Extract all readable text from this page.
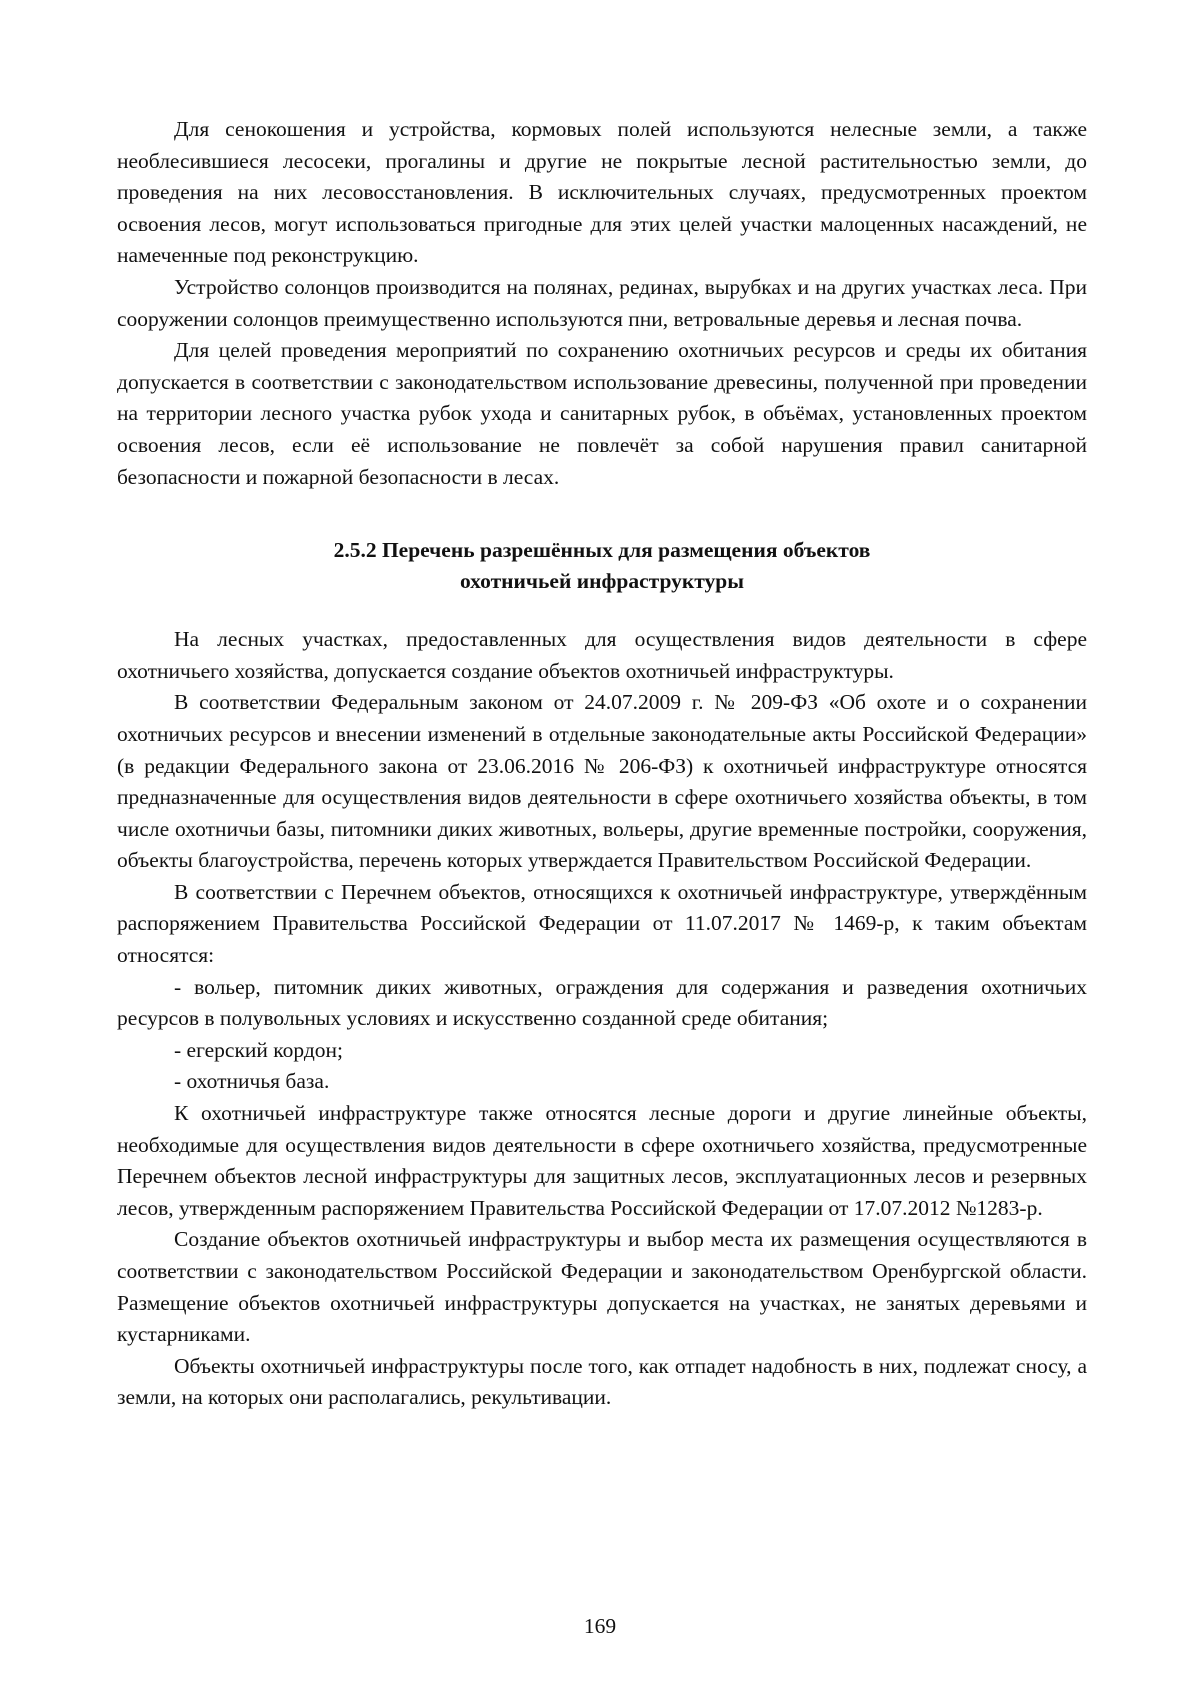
Для сенокошения и устройства, кормовых полей используются нелесные земли, а также необлесившиеся лесосеки, прогалины и другие не покрытые лесной растительностью земли, до проведения на них лесовосстановления. В исключительных случаях, предусмотренных проектом освоения лесов, могут использоваться пригодные для этих целей участки малоценных насаждений, не намеченные под реконструкцию.

Устройство солонцов производится на полянах, рединах, вырубках и на других участках леса. При сооружении солонцов преимущественно используются пни, ветровальные деревья и лесная почва.

Для целей проведения мероприятий по сохранению охотничьих ресурсов и среды их обитания допускается в соответствии с законодательством использование древесины, полученной при проведении на территории лесного участка рубок ухода и санитарных рубок, в объёмах, установленных проектом освоения лесов, если её использование не повлечёт за собой нарушения правил санитарной безопасности и пожарной безопасности в лесах.

2.5.2 Перечень разрешённых для размещения объектов
охотничьей инфраструктуры

На лесных участках, предоставленных для осуществления видов деятельности в сфере охотничьего хозяйства, допускается создание объектов охотничьей инфраструктуры.

В соответствии Федеральным законом от 24.07.2009 г. № 209-ФЗ «Об охоте и о сохранении охотничьих ресурсов и внесении изменений в отдельные законодательные акты Российской Федерации» (в редакции Федерального закона от 23.06.2016 № 206-ФЗ) к охотничьей инфраструктуре относятся предназначенные для осуществления видов деятельности в сфере охотничьего хозяйства объекты, в том числе охотничьи базы, питомники диких животных, вольеры, другие временные постройки, сооружения, объекты благоустройства, перечень которых утверждается Правительством Российской Федерации.

В соответствии с Перечнем объектов, относящихся к охотничьей инфраструктуре, утверждённым распоряжением Правительства Российской Федерации от 11.07.2017 № 1469-р, к таким объектам относятся:

- вольер, питомник диких животных, ограждения для содержания и разведения охотничьих ресурсов в полувольных условиях и искусственно созданной среде обитания;

- егерский кордон;

- охотничья база.

К охотничьей инфраструктуре также относятся лесные дороги и другие линейные объекты, необходимые для осуществления видов деятельности в сфере охотничьего хозяйства, предусмотренные Перечнем объектов лесной инфраструктуры для защитных лесов, эксплуатационных лесов и резервных лесов, утвержденным распоряжением Правительства Российской Федерации от 17.07.2012 №1283-р.

Создание объектов охотничьей инфраструктуры и выбор места их размещения осуществляются в соответствии с законодательством Российской Федерации и законодательством Оренбургской области. Размещение объектов охотничьей инфраструктуры допускается на участках, не занятых деревьями и кустарниками.

Объекты охотничьей инфраструктуры после того, как отпадет надобность в них, подлежат сносу, а земли, на которых они располагались, рекультивации.

169
